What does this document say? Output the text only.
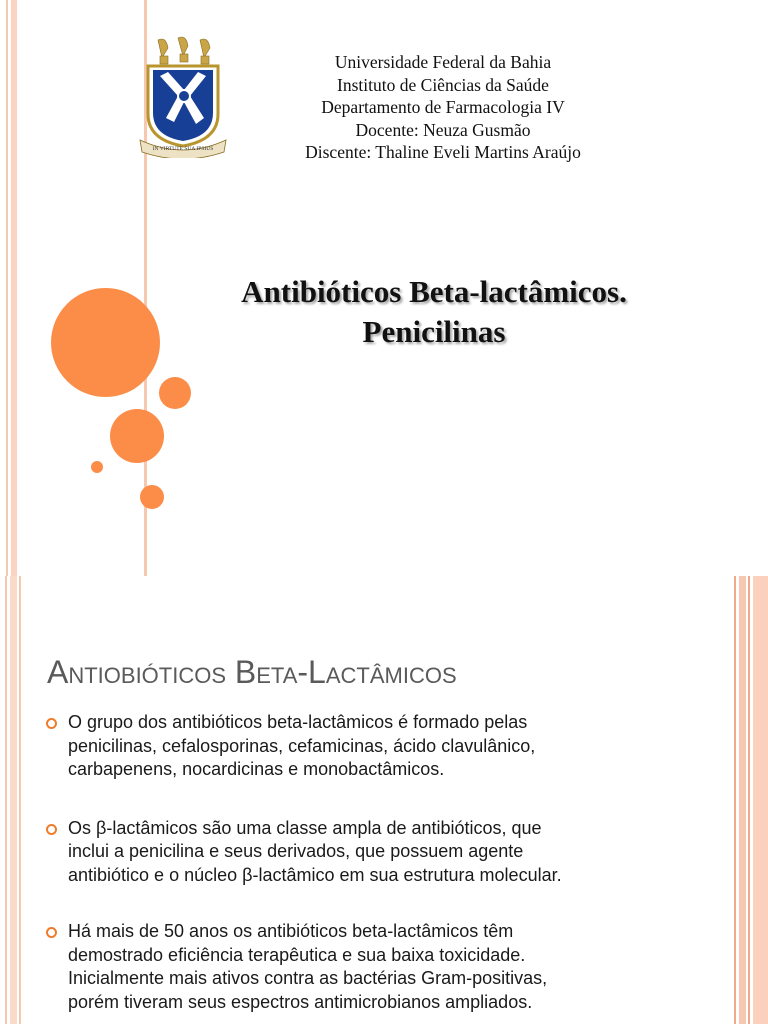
IN VIRTUTE SUA IPSIUS
Universidade Federal da Bahia
Instituto de Ciências da Saúde
Departamento de Farmacologia IV
Docente: Neuza Gusmão
Discente: Thaline Eveli Martins Araújo
Antibióticos Beta-lactâmicos.
Penicilinas
Antiobióticos Beta-Lactâmicos
O grupo dos antibióticos beta-lactâmicos é formado pelas
penicilinas, cefalosporinas, cefamicinas, ácido clavulânico,
carbapenens, nocardicinas e monobactâmicos.
Os β-lactâmicos são uma classe ampla de antibióticos, que
inclui a penicilina e seus derivados, que possuem agente
antibiótico e o núcleo β-lactâmico em sua estrutura molecular.
Há mais de 50 anos os antibióticos beta-lactâmicos têm
demostrado eficiência terapêutica e sua baixa toxicidade.
Inicialmente mais ativos contra as bactérias Gram-positivas,
porém tiveram seus espectros antimicrobianos ampliados.
